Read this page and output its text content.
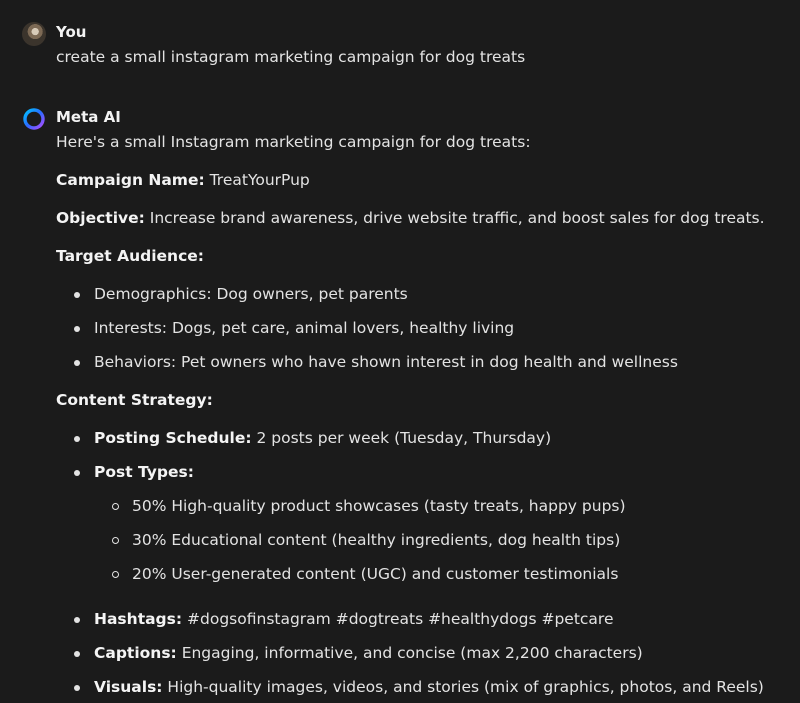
You
create a small instagram marketing campaign for dog treats
Meta AI
Here's a small Instagram marketing campaign for dog treats:
Campaign Name: TreatYourPup
Objective: Increase brand awareness, drive website traffic, and boost sales for dog treats.
Target Audience:
Demographics: Dog owners, pet parents
Interests: Dogs, pet care, animal lovers, healthy living
Behaviors: Pet owners who have shown interest in dog health and wellness
Content Strategy:
Posting Schedule: 2 posts per week (Tuesday, Thursday)
Post Types:
50% High-quality product showcases (tasty treats, happy pups)
30% Educational content (healthy ingredients, dog health tips)
20% User-generated content (UGC) and customer testimonials
Hashtags: #dogsofinstagram #dogtreats #healthydogs #petcare
Captions: Engaging, informative, and concise (max 2,200 characters)
Visuals: High-quality images, videos, and stories (mix of graphics, photos, and Reels)
